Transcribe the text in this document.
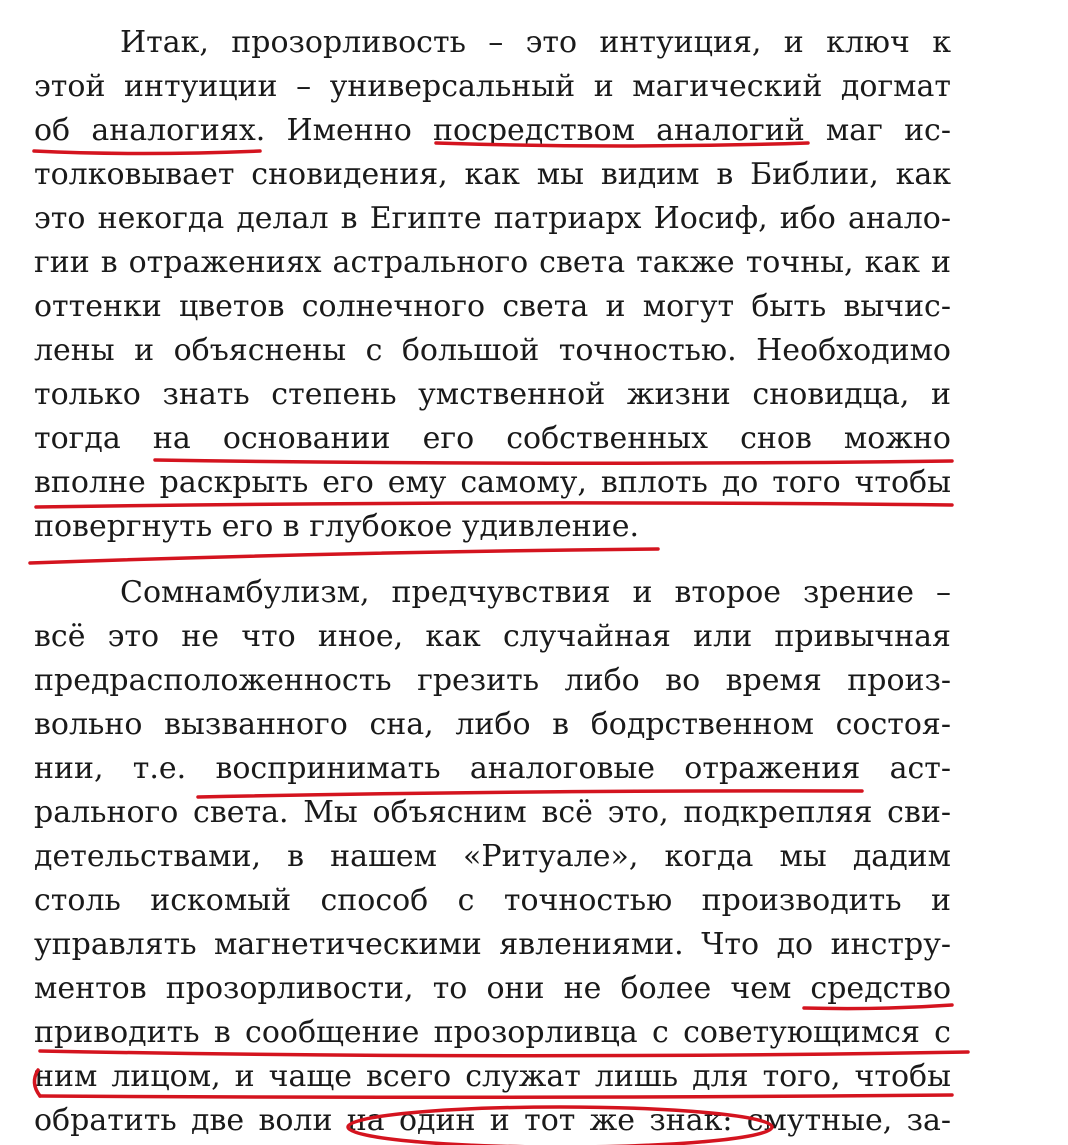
Итак, прозорливость – это интуиция, и ключ к
этой интуиции – универсальный и магический догмат
об аналогиях. Именно посредством аналогий маг ис-
толковывает сновидения, как мы видим в Библии, как
это некогда делал в Египте патриарх Иосиф, ибо анало-
гии в отражениях астрального света также точны, как и
оттенки цветов солнечного света и могут быть вычис-
лены и объяснены с большой точностью. Необходимо
только знать степень умственной жизни сновидца, и
тогда на основании его собственных снов можно
вполне раскрыть его ему самому, вплоть до того чтобы
повергнуть его в глубокое удивление.
Сомнамбулизм, предчувствия и второе зрение –
всё это не что иное, как случайная или привычная
предрасположенность грезить либо во время произ-
вольно вызванного сна, либо в бодрственном состоя-
нии, т.е. воспринимать аналоговые отражения аст-
рального света. Мы объясним всё это, подкрепляя сви-
детельствами, в нашем «Ритуале», когда мы дадим
столь искомый способ с точностью производить и
управлять магнетическими явлениями. Что до инстру-
ментов прозорливости, то они не более чем средство
приводить в сообщение прозорливца с советующимся с
ним лицом, и чаще всего служат лишь для того, чтобы
обратить две воли на один и тот же знак: смутные, за-
